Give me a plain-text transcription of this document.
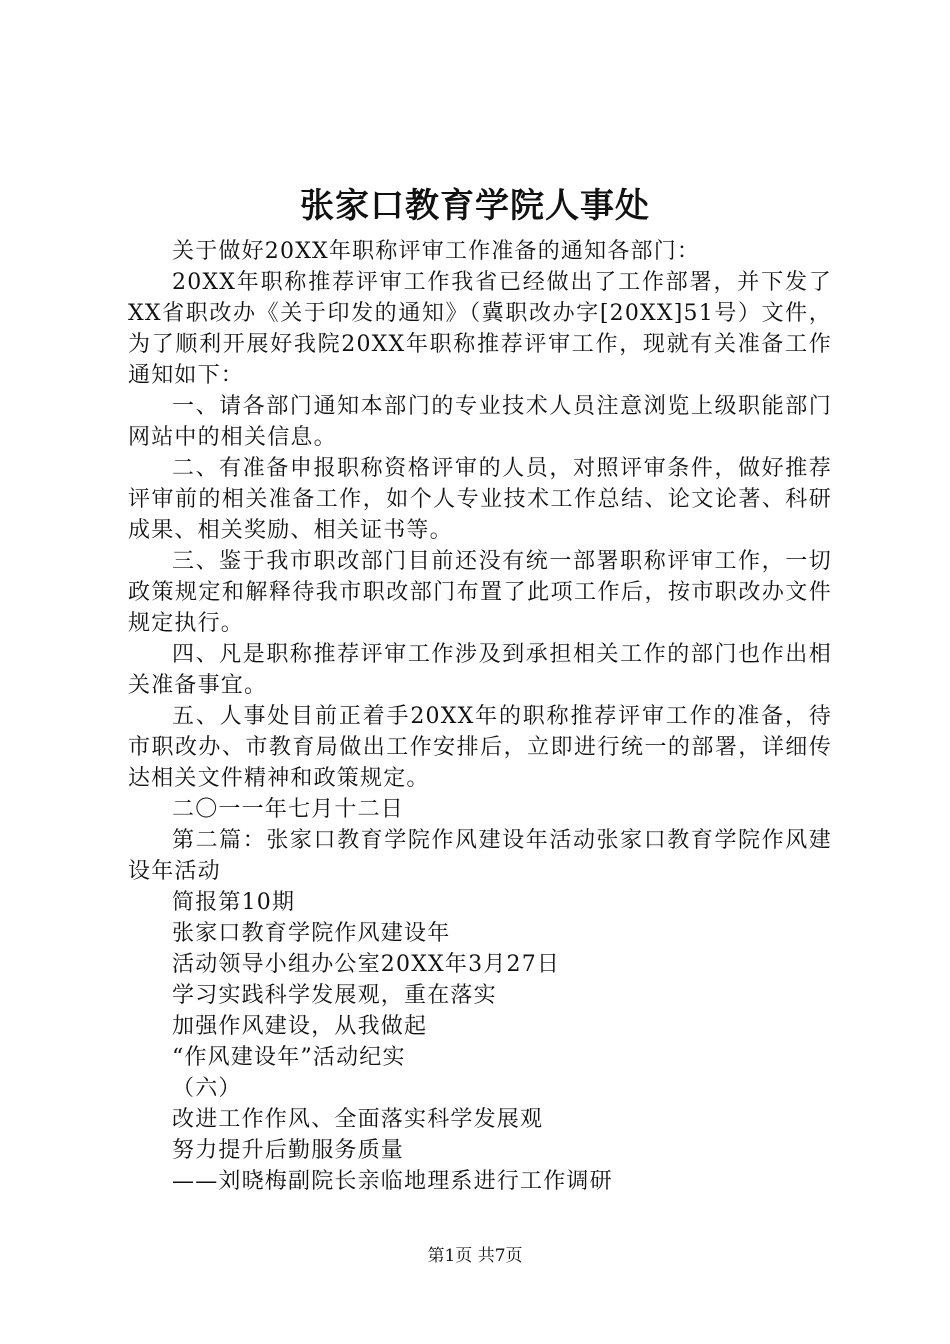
张家口教育学院人事处

关于做好20XX年职称评审工作准备的通知各部门：

20XX年职称推荐评审工作我省已经做出了工作部署，并下发了XX省职改办《关于印发的通知》（冀职改办字[20XX]51号）文件，为了顺利开展好我院20XX年职称推荐评审工作，现就有关准备工作通知如下：

一、请各部门通知本部门的专业技术人员注意浏览上级职能部门网站中的相关信息。

二、有准备申报职称资格评审的人员，对照评审条件，做好推荐评审前的相关准备工作，如个人专业技术工作总结、论文论著、科研成果、相关奖励、相关证书等。

三、鉴于我市职改部门目前还没有统一部署职称评审工作，一切政策规定和解释待我市职改部门布置了此项工作后，按市职改办文件规定执行。

四、凡是职称推荐评审工作涉及到承担相关工作的部门也作出相关准备事宜。

五、人事处目前正着手20XX年的职称推荐评审工作的准备，待市职改办、市教育局做出工作安排后，立即进行统一的部署，详细传达相关文件精神和政策规定。

二〇一一年七月十二日

第二篇：张家口教育学院作风建设年活动张家口教育学院作风建设年活动

简报第10期

张家口教育学院作风建设年

活动领导小组办公室20XX年3月27日

学习实践科学发展观，重在落实

加强作风建设，从我做起

“作风建设年”活动纪实

（六）

改进工作作风、全面落实科学发展观

努力提升后勤服务质量

——刘晓梅副院长亲临地理系进行工作调研

第1页 共7页
